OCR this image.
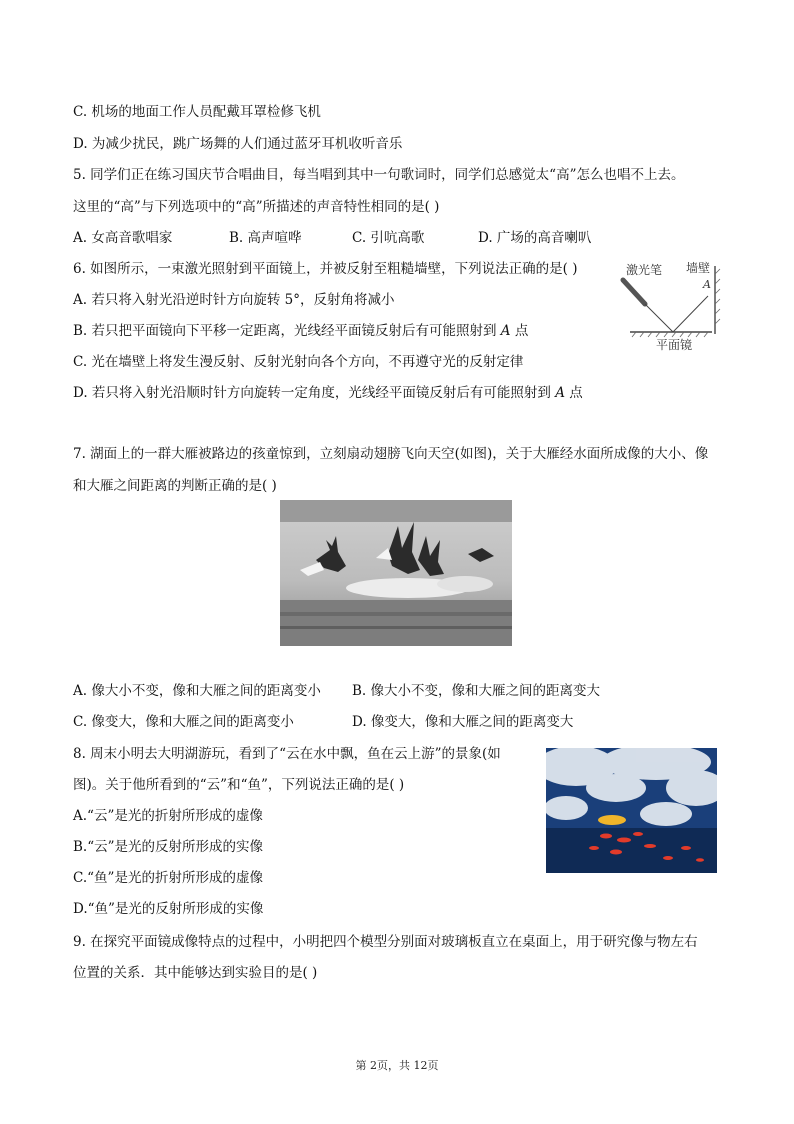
C. 机场的地面工作人员配戴耳罩检修飞机
D. 为减少扰民，跳广场舞的人们通过蓝牙耳机收听音乐
5. 同学们正在练习国庆节合唱曲目，每当唱到其中一句歌词时，同学们总感觉太“高”怎么也唱不上去。
这里的“高”与下列选项中的“高”所描述的声音特性相同的是( )
A. 女高音歌唱家	B. 高声喧哗	C. 引吭高歌	D. 广场的高音喇叭
6. 如图所示，一束激光照射到平面镜上，并被反射至粗糙墙壁，下列说法正确的是( )
A. 若只将入射光沿逆时针方向旋转 5°，反射角将减小
B. 若只把平面镜向下平移一定距离，光线经平面镜反射后有可能照射到 A 点
C. 光在墙壁上将发生漫反射、反射光射向各个方向，不再遵守光的反射定律
D. 若只将入射光沿顺时针方向旋转一定角度，光线经平面镜反射后有可能照射到 A 点
激光笔 墙壁
A
平面镜
7. 湖面上的一群大雁被路边的孩童惊到，立刻扇动翅膀飞向天空(如图)，关于大雁经水面所成像的大小、像
和大雁之间距离的判断正确的是( )
A. 像大小不变，像和大雁之间的距离变小 B. 像大小不变，像和大雁之间的距离变大
C. 像变大，像和大雁之间的距离变小	D. 像变大，像和大雁之间的距离变大
8. 周末小明去大明湖游玩，看到了“云在水中飘，鱼在云上游”的景象(如
图)。关于他所看到的“云”和“鱼”，下列说法正确的是( )
A.“云”是光的折射所形成的虚像
B.“云”是光的反射所形成的实像
C.“鱼”是光的折射所形成的虚像
D.“鱼”是光的反射所形成的实像
9. 在探究平面镜成像特点的过程中，小明把四个模型分别面对玻璃板直立在桌面上，用于研究像与物左右
位置的关系．其中能够达到实验目的是( )
第 2页，共 12页
